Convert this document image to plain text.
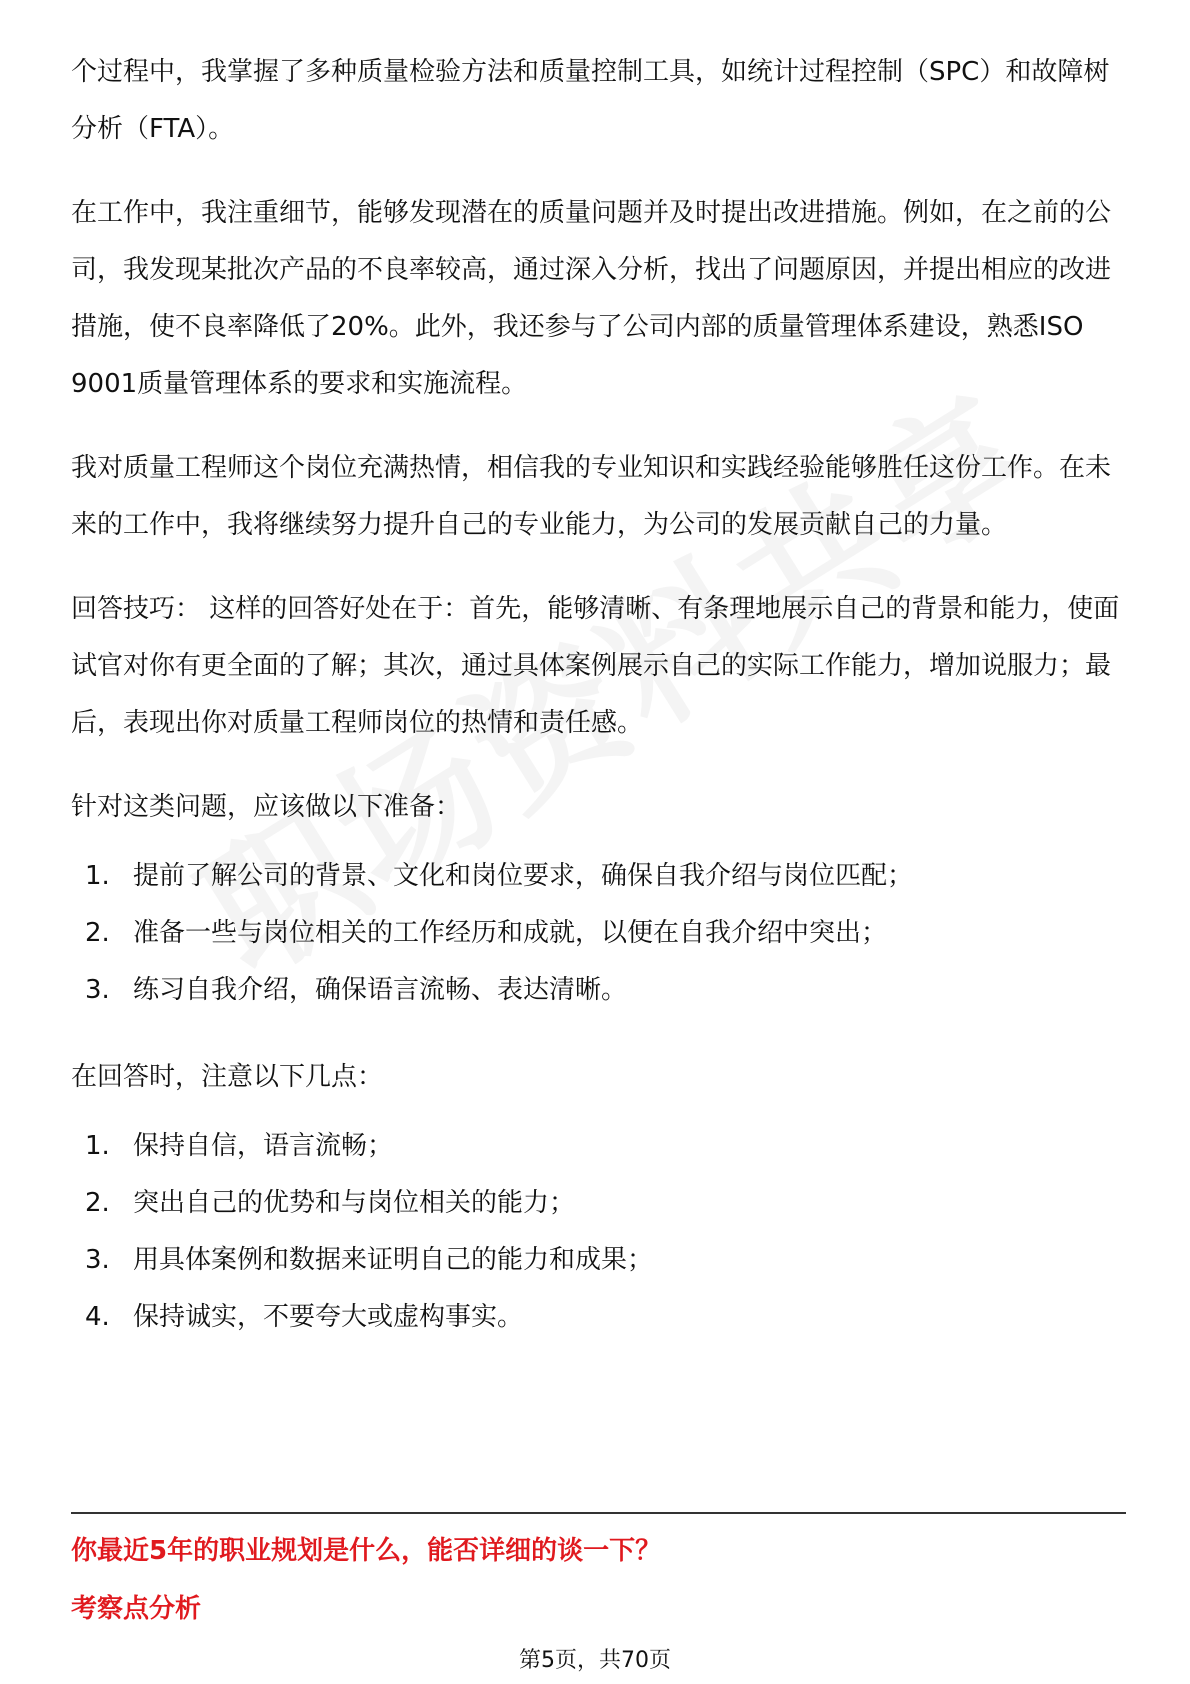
个过程中，我掌握了多种质量检验方法和质量控制工具，如统计过程控制（SPC）和故障树分析（FTA）。

在工作中，我注重细节，能够发现潜在的质量问题并及时提出改进措施。例如，在之前的公司，我发现某批次产品的不良率较高，通过深入分析，找出了问题原因，并提出相应的改进措施，使不良率降低了20%。此外，我还参与了公司内部的质量管理体系建设，熟悉ISO 9001质量管理体系的要求和实施流程。

我对质量工程师这个岗位充满热情，相信我的专业知识和实践经验能够胜任这份工作。在未来的工作中，我将继续努力提升自己的专业能力，为公司的发展贡献自己的力量。

回答技巧： 这样的回答好处在于：首先，能够清晰、有条理地展示自己的背景和能力，使面试官对你有更全面的了解；其次，通过具体案例展示自己的实际工作能力，增加说服力；最后，表现出你对质量工程师岗位的热情和责任感。

针对这类问题，应该做以下准备：

1. 提前了解公司的背景、文化和岗位要求，确保自我介绍与岗位匹配；
2. 准备一些与岗位相关的工作经历和成就，以便在自我介绍中突出；
3. 练习自我介绍，确保语言流畅、表达清晰。

在回答时，注意以下几点：

1. 保持自信，语言流畅；
2. 突出自己的优势和与岗位相关的能力；
3. 用具体案例和数据来证明自己的能力和成果；
4. 保持诚实，不要夸大或虚构事实。
你最近5年的职业规划是什么，能否详细的谈一下？
考察点分析
第5页，共70页
